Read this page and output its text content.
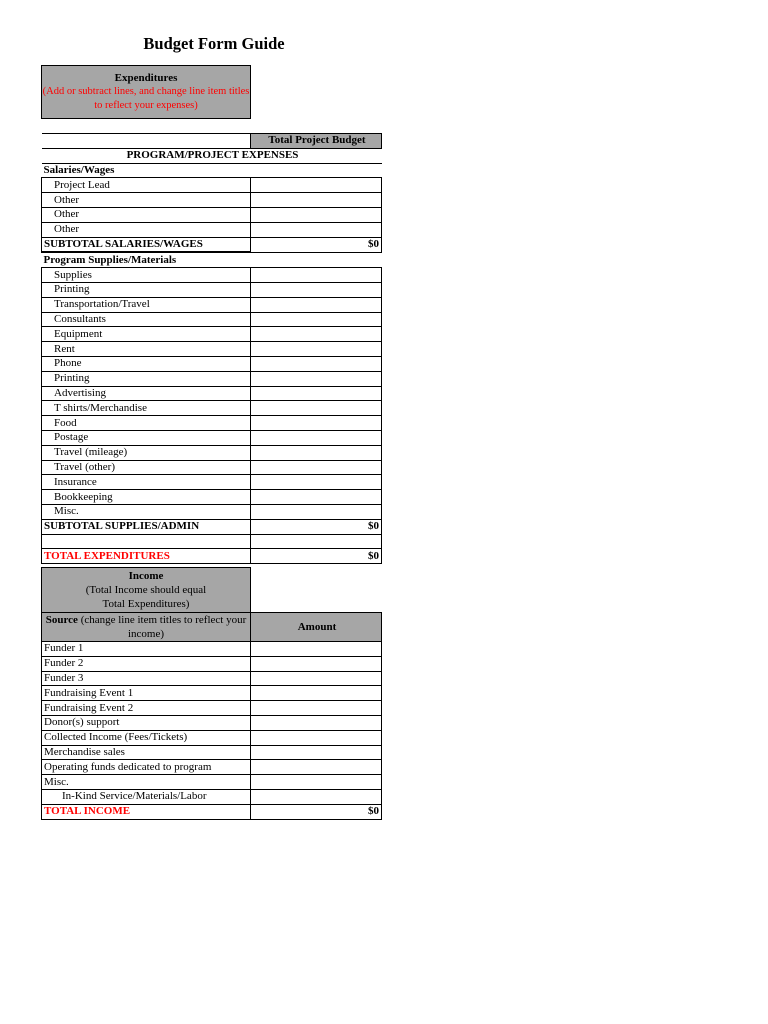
Budget Form Guide
Expenditures
(Add or subtract lines, and change line item titles to reflect your expenses)	

	Total Project Budget
PROGRAM/PROJECT EXPENSES	
Salaries/Wages	
Project Lead	
Other	
Other	
Other	
SUBTOTAL SALARIES/WAGES	$0
Program Supplies/Materials	
Supplies	
Printing	
Transportation/Travel	
Consultants	
Equipment	
Rent	
Phone	
Printing	
Advertising	
T shirts/Merchandise	
Food	
Postage	
Travel (mileage)	
Travel (other)	
Insurance	
Bookkeeping	
Misc.	
SUBTOTAL SUPPLIES/ADMIN	$0

TOTAL EXPENDITURES	$0
Income
(Total Income should equal
Total Expenditures)	

Source (change line item titles to reflect your income)	Amount
Funder 1	
Funder 2	
Funder 3	
Fundraising Event 1	
Fundraising Event 2	
Donor(s) support	
Collected Income (Fees/Tickets)	
Merchandise sales	
Operating funds dedicated to program	
Misc.	
In-Kind Service/Materials/Labor	
TOTAL INCOME	$0
